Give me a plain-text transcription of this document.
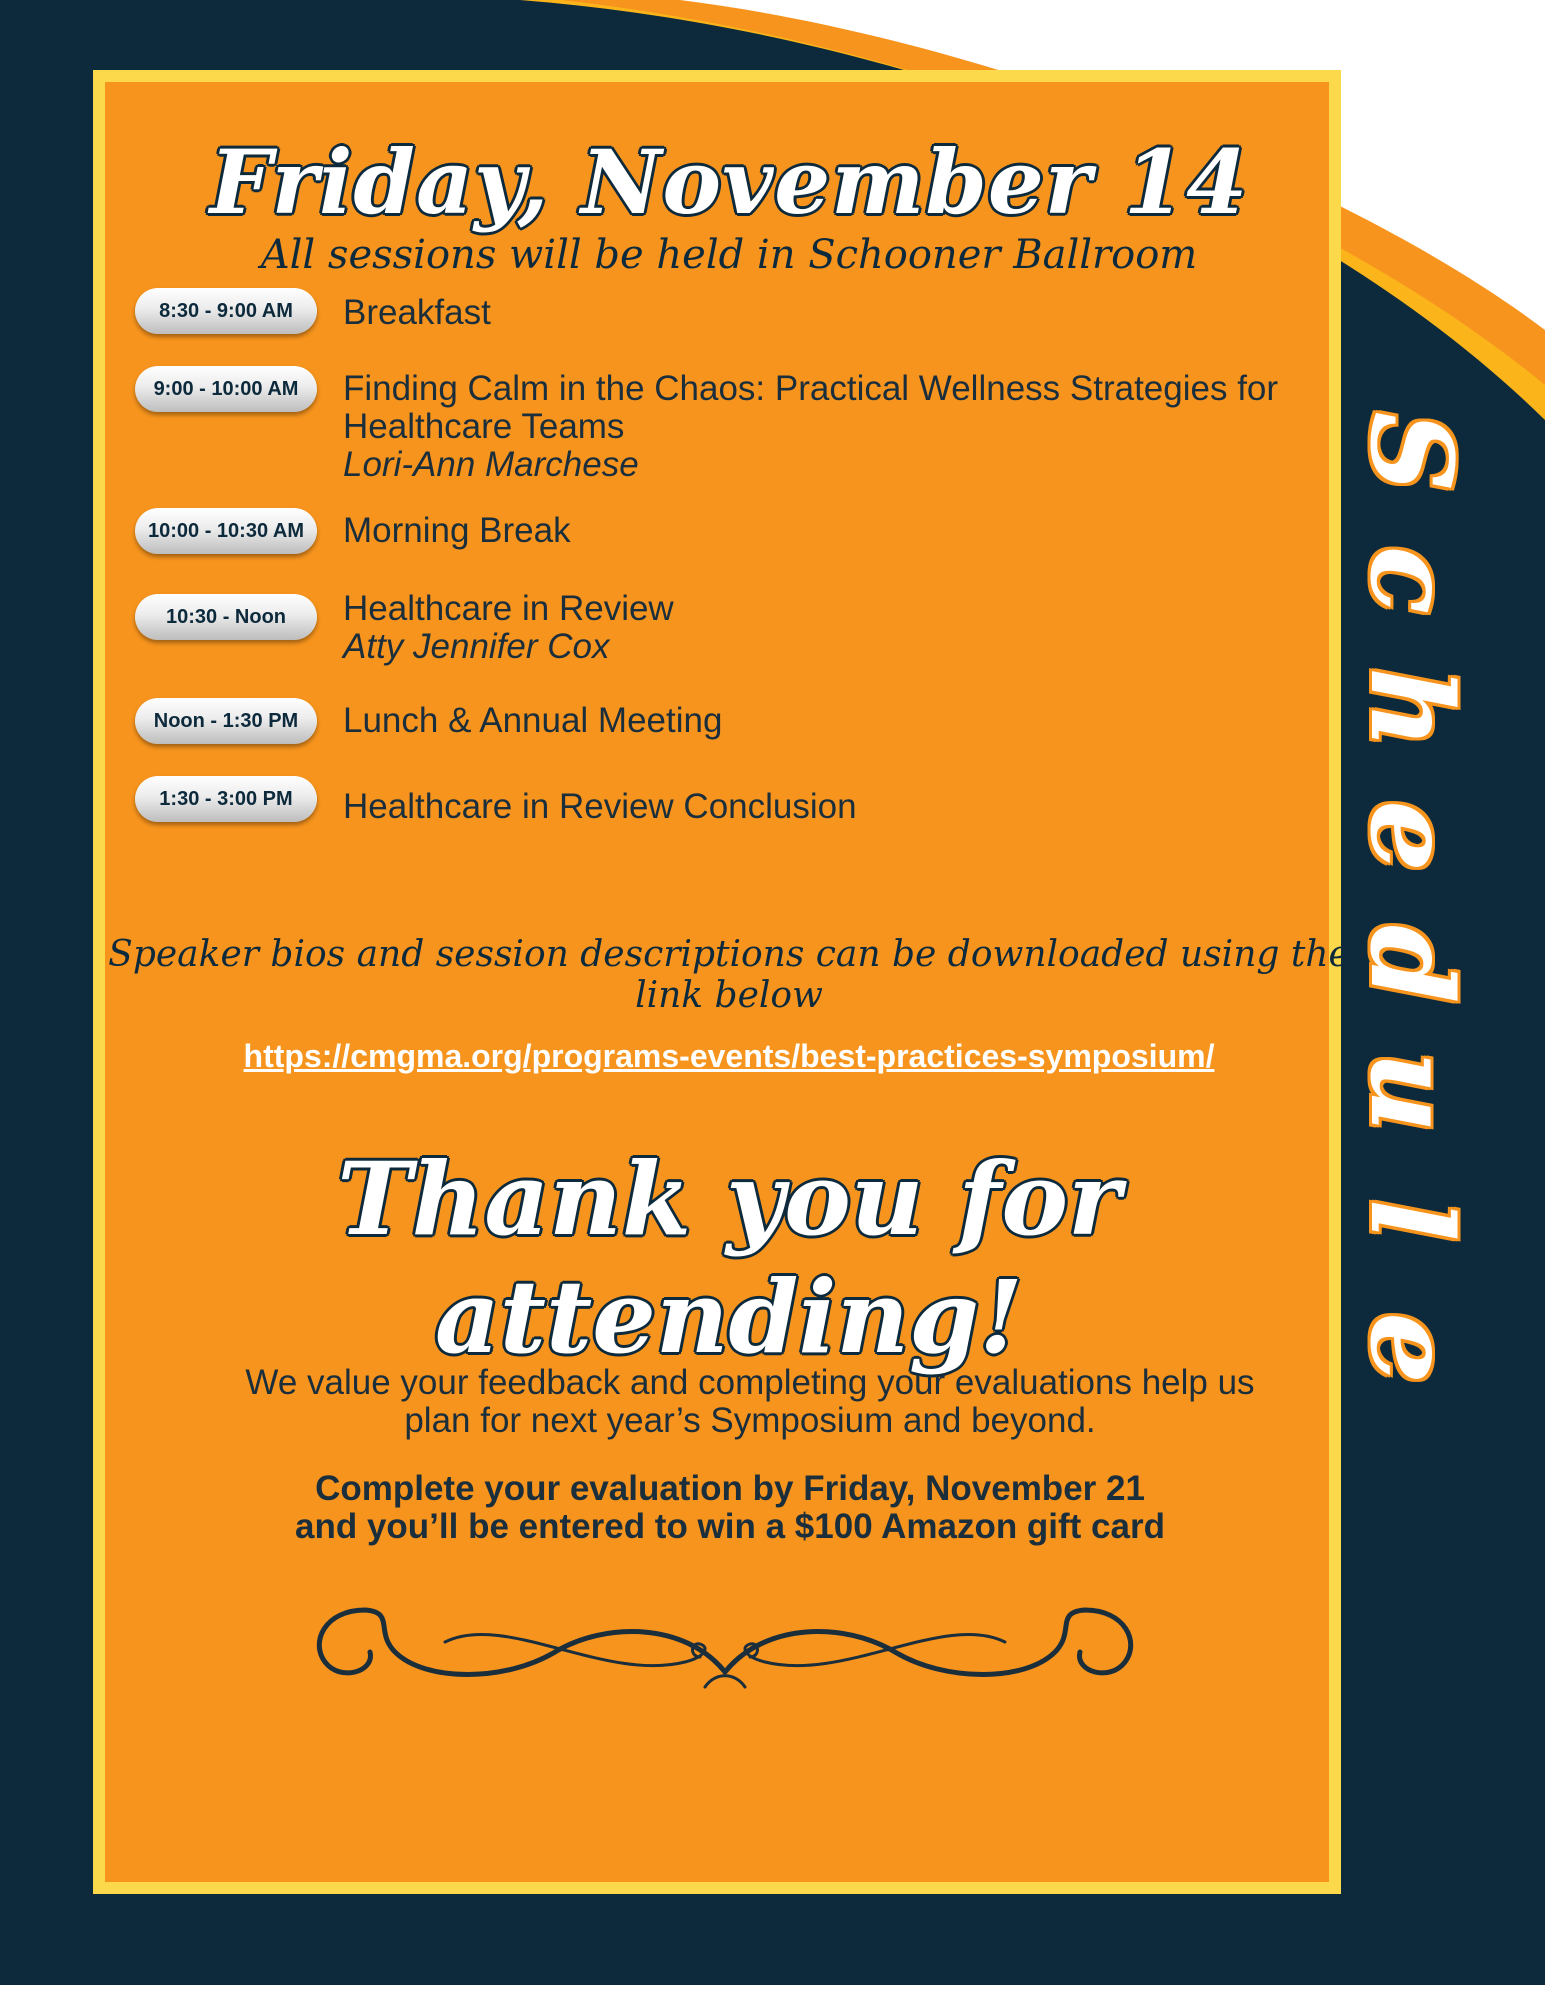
Friday, November 14
All sessions will be held in Schooner Ballroom
8:30 - 9:00 AM	Breakfast
9:00 - 10:00 AM	Finding Calm in the Chaos: Practical Wellness Strategies for Healthcare Teams
Lori-Ann Marchese
10:00 - 10:30 AM	Morning Break
10:30 - Noon	Healthcare in Review
Atty Jennifer Cox
Noon - 1:30 PM	Lunch & Annual Meeting
1:30 - 3:00 PM	Healthcare in Review Conclusion
Speaker bios and session descriptions can be downloaded using the link below
https://cmgma.org/programs-events/best-practices-symposium/
Thank you for attending!
We value your feedback and completing your evaluations help us
plan for next year’s Symposium and beyond.
Complete your evaluation by Friday, November 21
and you’ll be entered to win a $100 Amazon gift card
S
c
h
e
d
u
l
e
